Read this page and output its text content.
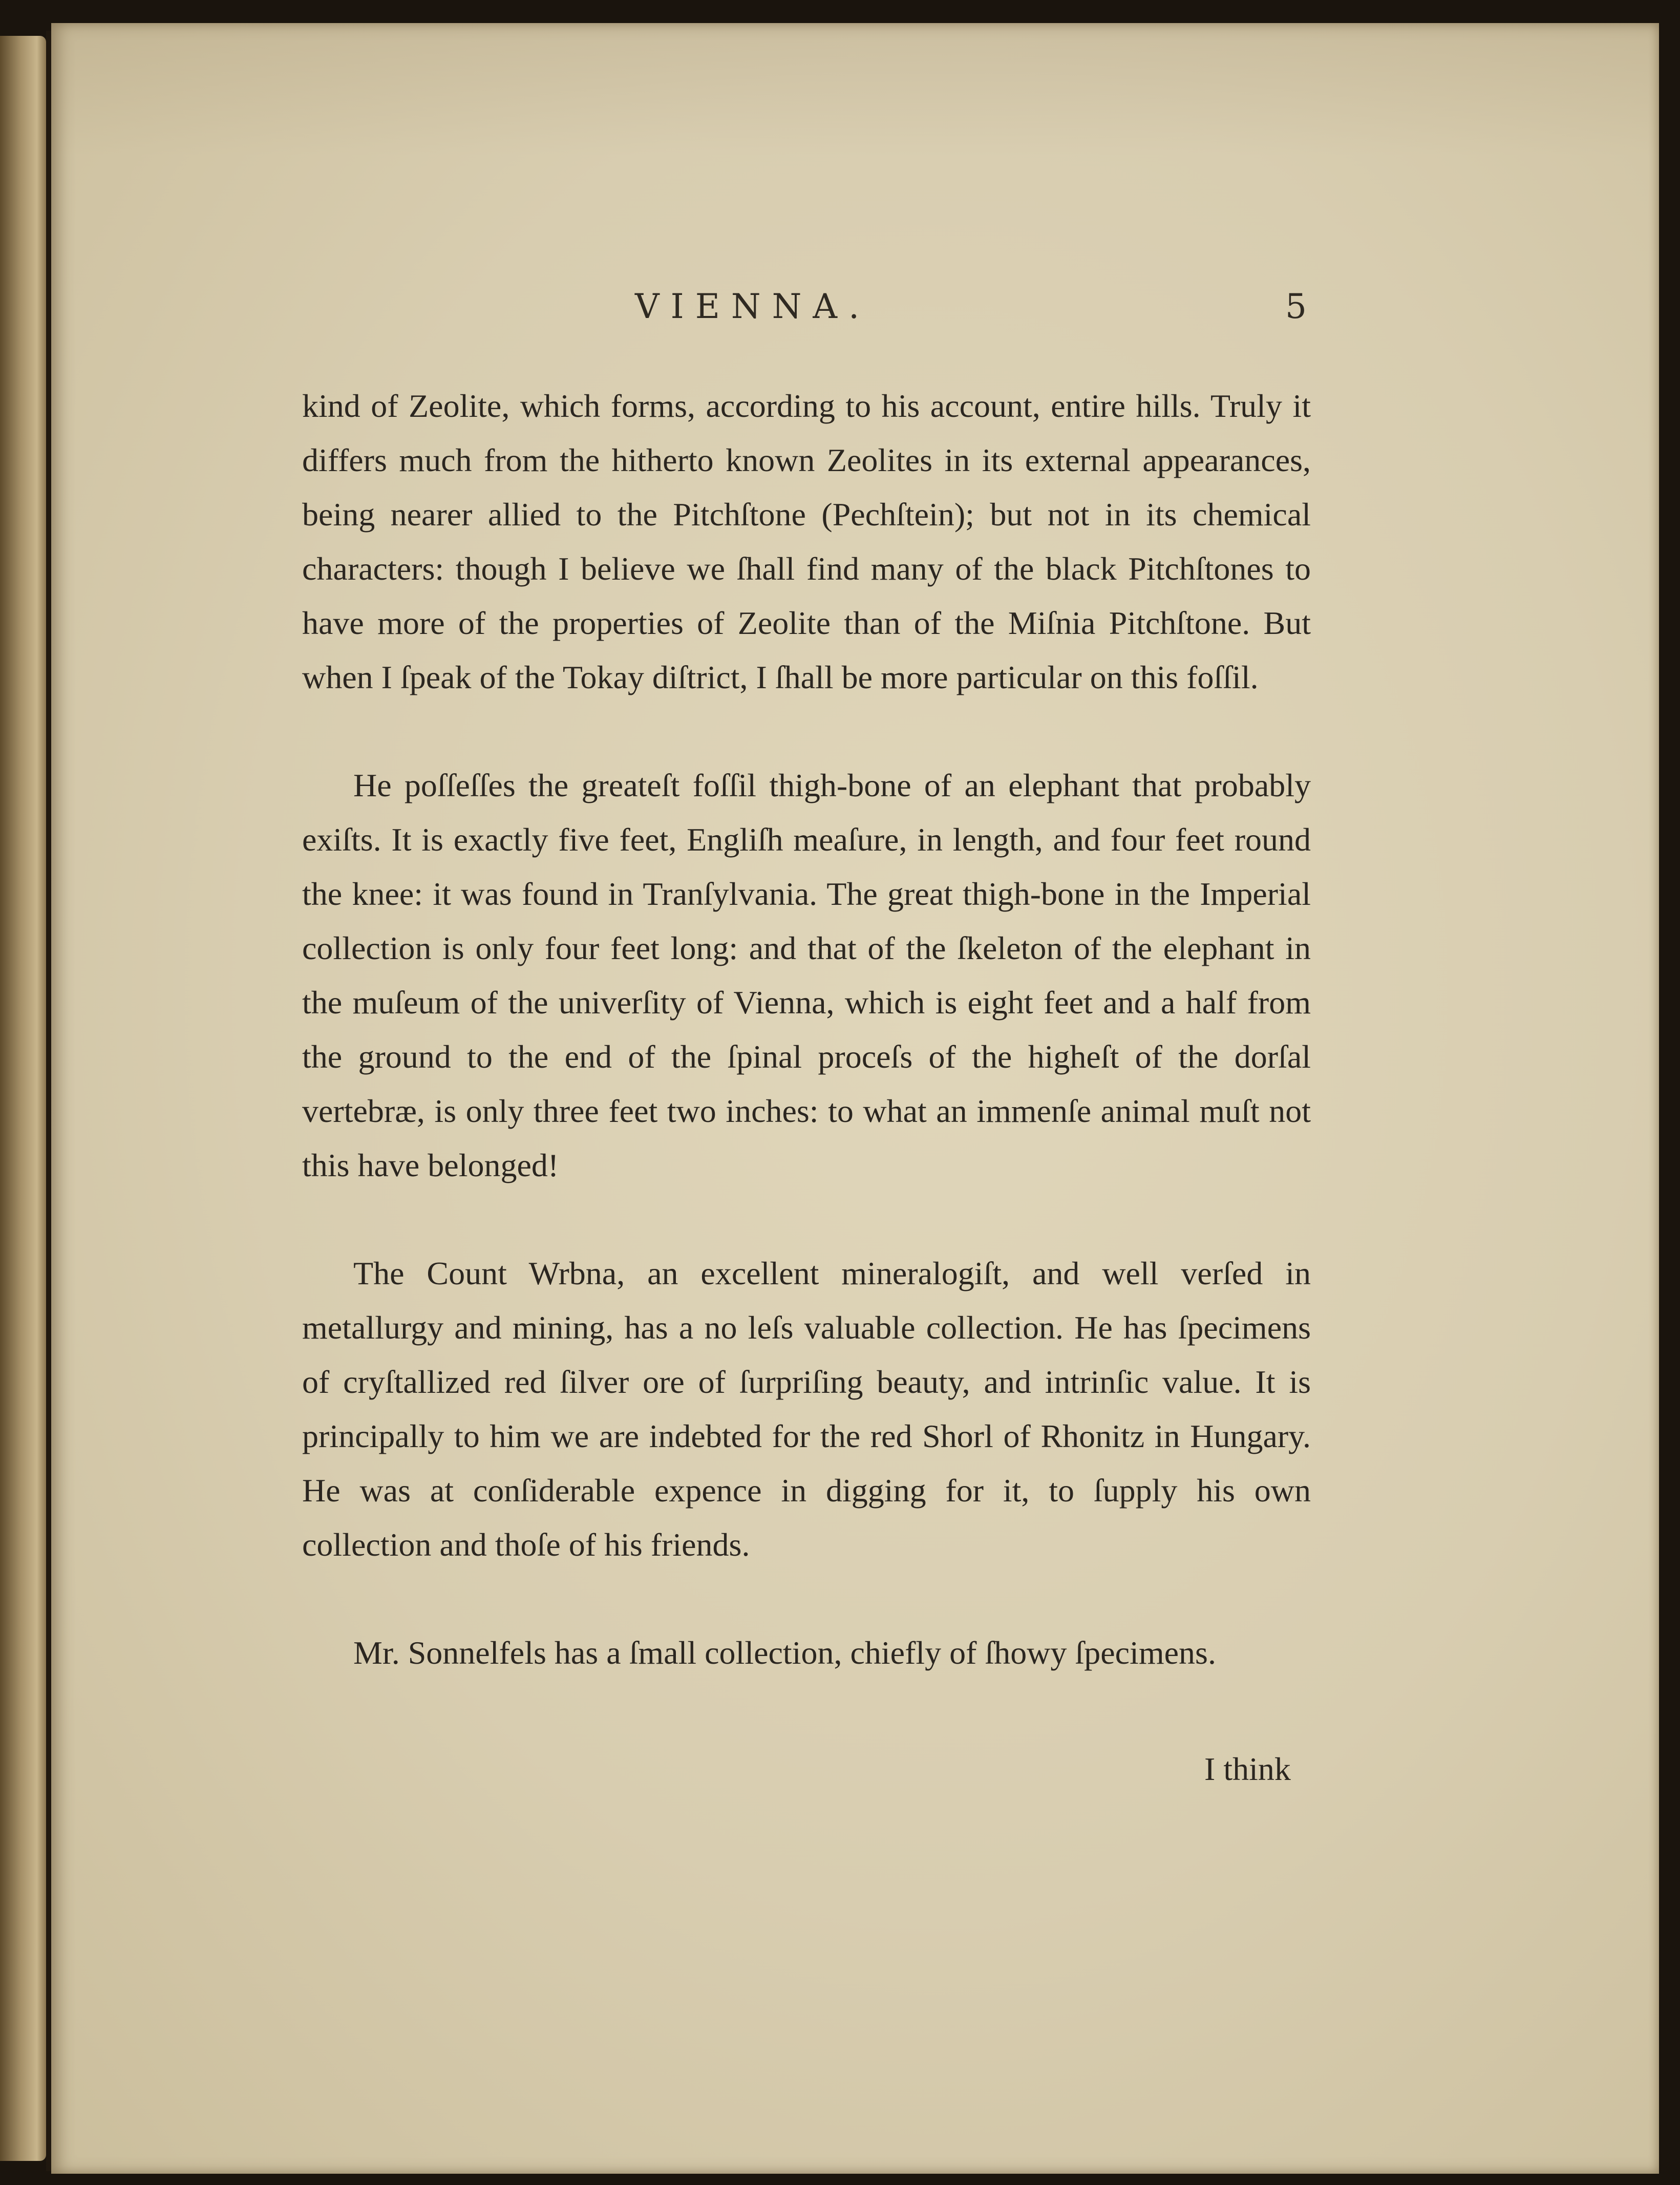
VIENNA.	5

kind of Zeolite, which forms, according to his account, entire hills. Truly it differs much from the hitherto known Zeolites in its external appearances, being nearer allied to the Pitchſtone (Pechſtein); but not in its chemical characters: though I believe we ſhall find many of the black Pitchſtones to have more of the properties of Zeolite than of the Miſnia Pitchſtone. But when I ſpeak of the Tokay diſtrict, I ſhall be more particular on this foſſil.

He poſſeſſes the greateſt foſſil thigh-bone of an elephant that probably exiſts. It is exactly five feet, Engliſh meaſure, in length, and four feet round the knee: it was found in Tranſylvania. The great thigh-bone in the Imperial collection is only four feet long: and that of the ſkeleton of the elephant in the muſeum of the univerſity of Vienna, which is eight feet and a half from the ground to the end of the ſpinal proceſs of the higheſt of the dorſal vertebræ, is only three feet two inches: to what an immenſe animal muſt not this have belonged!

The Count Wrbna, an excellent mineralogiſt, and well verſed in metallurgy and mining, has a no leſs valuable collection. He has ſpecimens of cryſtallized red ſilver ore of ſurpriſing beauty, and intrinſic value. It is principally to him we are indebted for the red Shorl of Rhonitz in Hungary. He was at conſiderable expence in digging for it, to ſupply his own collection and thoſe of his friends.

Mr. Sonnelfels has a ſmall collection, chiefly of ſhowy ſpecimens.

I think
